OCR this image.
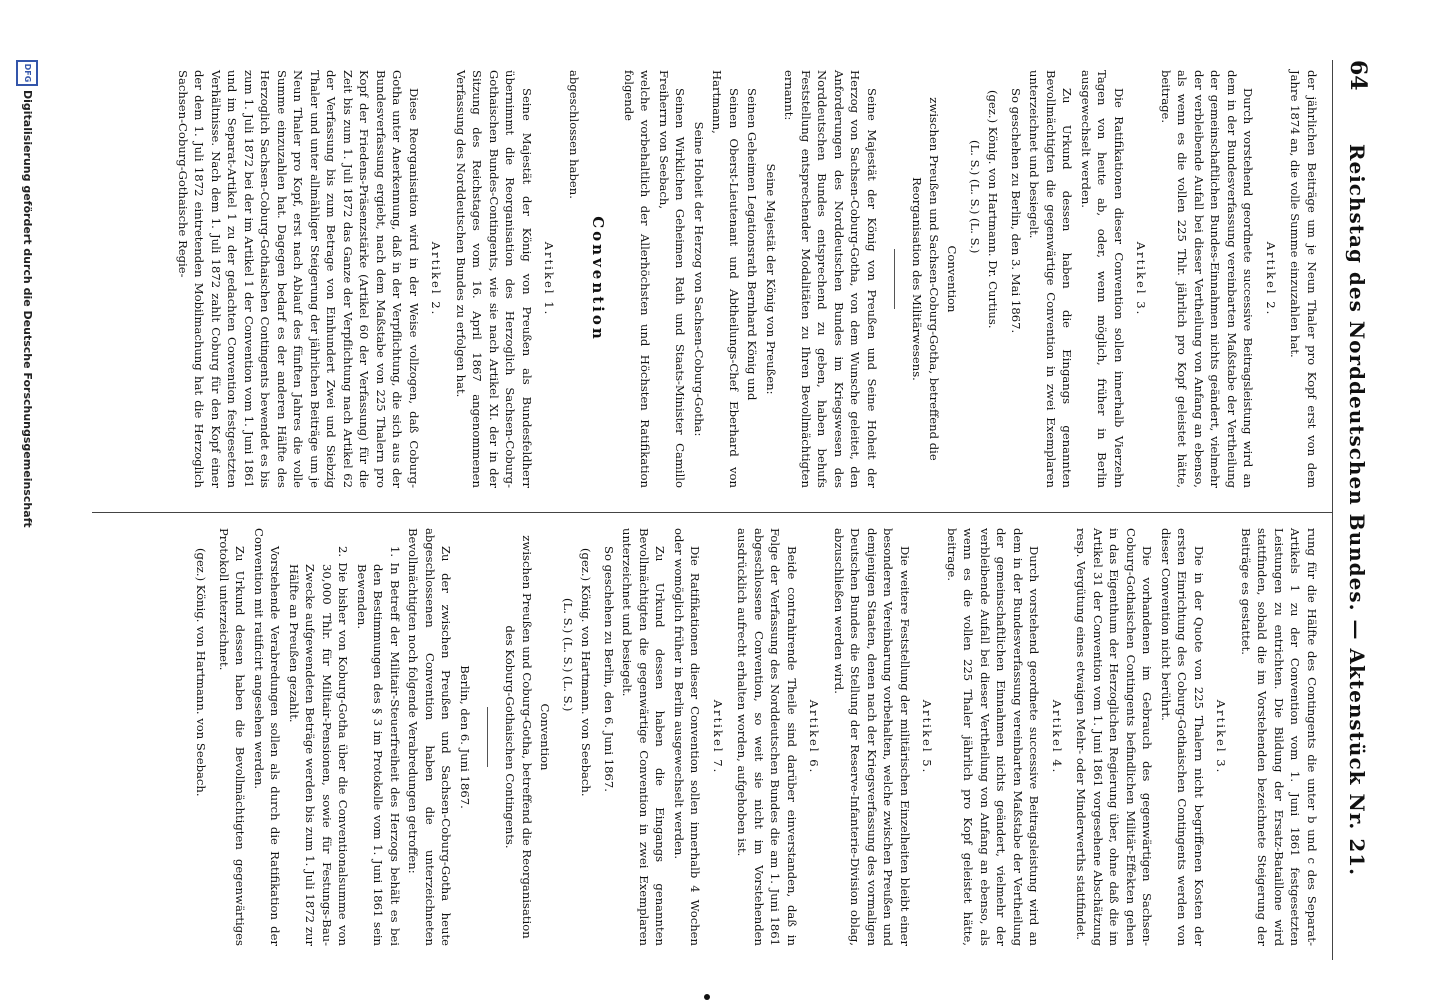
64
Reichstag des Norddeutschen Bundes. — Aktenstück Nr. 21.

der jährlichen Beiträge um je Neun Thaler pro Kopf erst von dem Jahre 1874 an, die volle Summe einzuzahlen hat.

Artikel 2.

Durch vorstehend geordnete successive Beitragsleistung wird an dem in der Bundesverfassung vereinbarten Maßstabe der Vertheilung der gemeinschaftlichen Bundes-Einnahmen nichts geändert, vielmehr der verbleibende Aufall bei dieser Vertheilung von Anfang an ebenso, als wenn es die vollen 225 Thlr. jährlich pro Kopf geleistet hätte, beitrage.

Artikel 3.

Die Ratifikationen dieser Convention sollen innerhalb Vierzehn Tagen von heute ab, oder, wenn möglich, früher in Berlin ausgewechselt werden.

Zu Urkund dessen haben die Eingangs genannten Bevollmächtigten die gegenwärtige Convention in zwei Exemplaren unterzeichnet und besiegelt.

So geschehen zu Berlin, den 3. Mai 1867.

(gez.) König. von Hartmann. Dr. Curtius.

(L. S.) (L. S.) (L. S.)

Convention

zwischen Preußen und Sachsen-Coburg-Gotha, betreffend die Reorganisation des Militärwesens.

Seine Majestät der König von Preußen und Seine Hoheit der Herzog von Sachsen-Coburg-Gotha, von dem Wunsche geleitet, den Anforderungen des Norddeutschen Bundes im Kriegswesen des Norddeutschen Bundes entsprechend zu geben, haben behufs Feststellung entsprechender Modalitäten zu Ihren Bevollmächtigten ernannt:

Seine Majestät der König von Preußen:

Seinen Geheimen Legationsrath Bernhard König und

Seinen Oberst-Lieutenant und Abtheilungs-Chef Eberhard von Hartmann,

Seine Hoheit der Herzog von Sachsen-Coburg-Gotha:

Seinen Wirklichen Geheimen Rath und Staats-Minister Camillo Freiherrn von Seebach,

welche vorbehaltlich der Allerhöchsten und Höchsten Ratifikation folgende

Convention

abgeschlossen haben.

Artikel 1.

Seine Majestät der König von Preußen als Bundesfeldherr übernimmt die Reorganisation des Herzoglich Sachsen-Coburg-Gothaischen Bundes-Contingents, wie sie nach Artikel XI. der in der Sitzung des Reichstages vom 16. April 1867 angenommenen Verfassung des Norddeutschen Bundes zu erfolgen hat.

Artikel 2.

Diese Reorganisation wird in der Weise vollzogen, daß Coburg-Gotha unter Anerkennung, daß in der Verpflichtung, die sich aus der Bundesverfassung ergiebt, nach dem Maßstabe von 225 Thalern pro Kopf der Friedens-Präsenzstärke (Artikel 60 der Verfassung) für die Zeit bis zum 1. Juli 1872 das Ganze der Verpflichtung nach Artikel 62 der Verfassung bis zum Betrage von Einhundert Zwei und Siebzig Thaler und unter allmähliger Steigerung der jährlichen Beiträge um je Neun Thaler pro Kopf, erst nach Ablauf des fünften Jahres die volle Summe einzuzahlen hat. Dagegen bedarf es der anderen Hälfte des Herzoglich Sachsen-Coburg-Gothaischen Contingents bewendet es bis zum 1. Juli 1872 bei der im Artikel 1 der Convention vom 1. Juni 1861 und im Separat-Artikel 1 zu der gedachten Convention festgesetzten Verhältnisse. Nach dem 1. Juli 1872 zahlt Coburg für den Kopf einer der dem 1. Juli 1872 eintretenden Mobilmachung hat die Herzoglich Sachsen-Coburg-Gothaische Regie-

rung für die Hälfte des Contingents die unter b und c des Separat-Artikels 1 zu der Convention vom 1. Juni 1861 festgesetzten Leistungen zu entrichten. Die Bildung der Ersatz-Bataillone wird stattfinden, sobald die im Vorstehenden bezeichnete Steigerung der Beiträge es gestattet.

Artikel 3.

Die in der Quote von 225 Thalern nicht begriffenen Kosten der ersten Einrichtung des Coburg-Gothaischen Contingents werden von dieser Convention nicht berührt.

Die vorhandenen im Gebrauch des gegenwärtigen Sachsen-Coburg-Gothaischen Contingents befindlichen Militär-Effekten gehen in das Eigenthum der Herzoglichen Regierung über, ohne daß die im Artikel 31 der Convention vom 1. Juni 1861 vorgesehene Abschätzung resp. Vergütung eines etwaigen Mehr- oder Minderwerths stattfindet.

Artikel 4.

Durch vorstehend geordnete successive Beitragsleistung wird an dem in der Bundesverfassung vereinbarten Maßstabe der Vertheilung der gemeinschaftlichen Einnahmen nichts geändert, vielmehr der verbleibende Aufall bei dieser Vertheilung von Anfang an ebenso, als wenn es die vollen 225 Thaler jährlich pro Kopf geleistet hätte, beitrage.

Artikel 5.

Die weitere Feststellung der militärischen Einzelheiten bleibt einer besonderen Vereinbarung vorbehalten, welche zwischen Preußen und demjenigen Staaten, denen nach der Kriegsverfassung des vormaligen Deutschen Bundes die Stellung der Reserve-Infanterie-Division oblag, abzuschließen werden wird.

Artikel 6.

Beide contrahirende Theile sind darüber einverstanden, daß in Folge der Verfassung des Norddeutschen Bundes die am 1. Juni 1861 abgeschlossene Convention, so weit sie nicht im Vorstehenden ausdrücklich aufrecht erhalten worden, aufgehoben ist.

Artikel 7.

Die Ratifikationen dieser Convention sollen innerhalb 4 Wochen oder womöglich früher in Berlin ausgewechselt werden.

Zu Urkund dessen haben die Eingangs genannten Bevollmächtigten die gegenwärtige Convention in zwei Exemplaren unterzeichnet und besiegelt.

So geschehen zu Berlin, den 6. Juni 1867.

(gez.) König. von Hartmann. von Seebach.

(L. S.) (L. S.) (L. S.)

Convention

zwischen Preußen und Coburg-Gotha, betreffend die Reorganisation des Koburg-Gothaischen Contingents.

Berlin, den 6. Juni 1867.

Zu der zwischen Preußen und Sachsen-Coburg-Gotha heute abgeschlossenen Convention haben die unterzeichneten Bevollmächtigten noch folgende Verabredungen getroffen:

1. In Betreff der Militair-Steuerfreiheit des Herzogs behält es bei den Bestimmungen des § 3 im Protokolle vom 1. Juni 1861 sein Bewenden.

2. Die bisher von Koburg-Gotha über die Conventionalsumme von 30,000 Thlr. für Militair-Pensionen, sowie für Festungs-Bau-Zwecke aufgewendeten Beträge werden bis zum 1. Juli 1872 zur Hälfte an Preußen gezahlt.

Vorstehende Verabredungen sollen als durch die Ratifikation der Convention mit ratificirt angesehen werden.

Zu Urkund dessen haben die Bevollmächtigten gegenwärtiges Protokoll unterzeichnet.

(gez.) König. von Hartmann. von Seebach.

DFG
Digitalisierung gefördert durch die Deutsche Forschungsgemeinschaft
